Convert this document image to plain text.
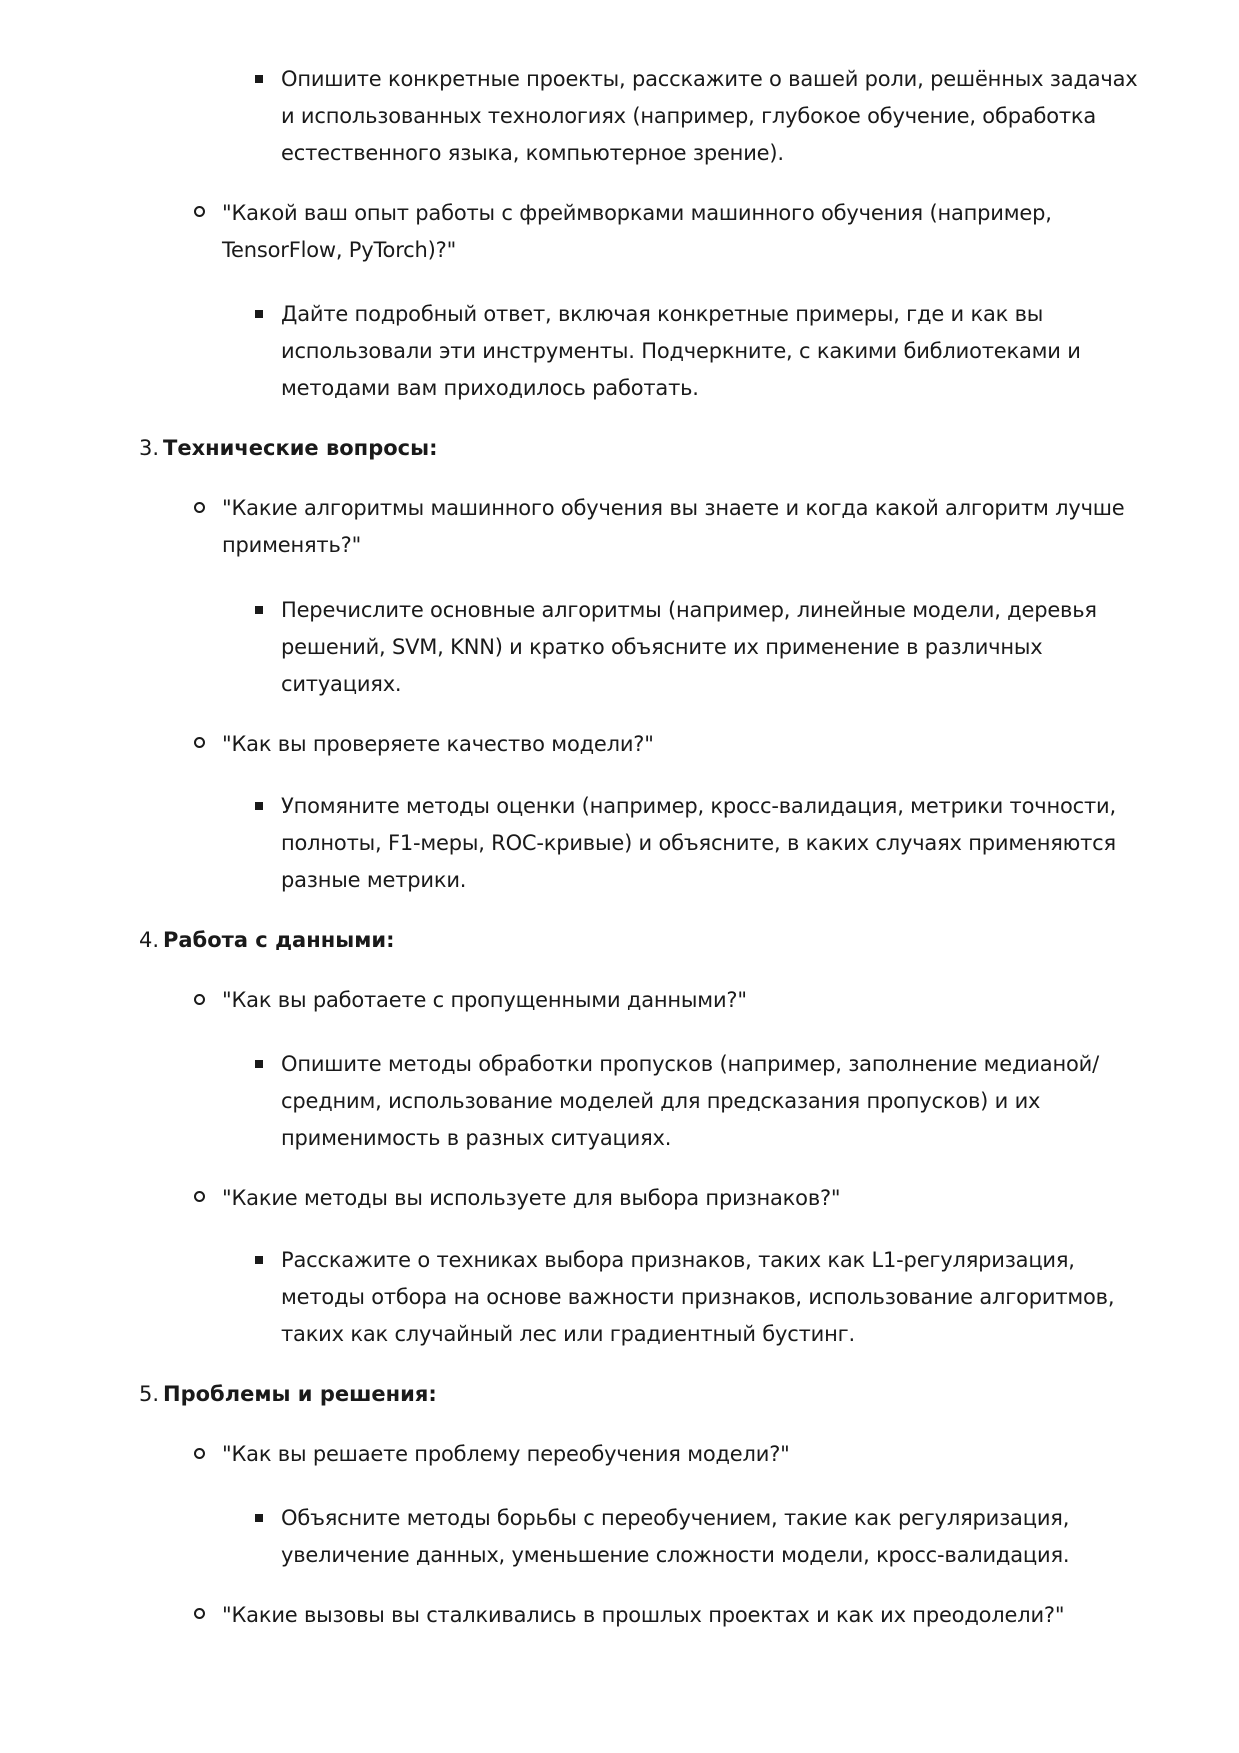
Опишите конкретные проекты, расскажите о вашей роли, решённых задачах
и использованных технологиях (например, глубокое обучение, обработка
естественного языка, компьютерное зрение).
"Какой ваш опыт работы с фреймворками машинного обучения (например,
TensorFlow, PyTorch)?"
Дайте подробный ответ, включая конкретные примеры, где и как вы
использовали эти инструменты. Подчеркните, с какими библиотеками и
методами вам приходилось работать.
3. Технические вопросы:
"Какие алгоритмы машинного обучения вы знаете и когда какой алгоритм лучше
применять?"
Перечислите основные алгоритмы (например, линейные модели, деревья
решений, SVM, KNN) и кратко объясните их применение в различных
ситуациях.
"Как вы проверяете качество модели?"
Упомяните методы оценки (например, кросс-валидация, метрики точности,
полноты, F1-меры, ROC-кривые) и объясните, в каких случаях применяются
разные метрики.
4. Работа с данными:
"Как вы работаете с пропущенными данными?"
Опишите методы обработки пропусков (например, заполнение медианой/
средним, использование моделей для предсказания пропусков) и их
применимость в разных ситуациях.
"Какие методы вы используете для выбора признаков?"
Расскажите о техниках выбора признаков, таких как L1-регуляризация,
методы отбора на основе важности признаков, использование алгоритмов,
таких как случайный лес или градиентный бустинг.
5. Проблемы и решения:
"Как вы решаете проблему переобучения модели?"
Объясните методы борьбы с переобучением, такие как регуляризация,
увеличение данных, уменьшение сложности модели, кросс-валидация.
"Какие вызовы вы сталкивались в прошлых проектах и как их преодолели?"
